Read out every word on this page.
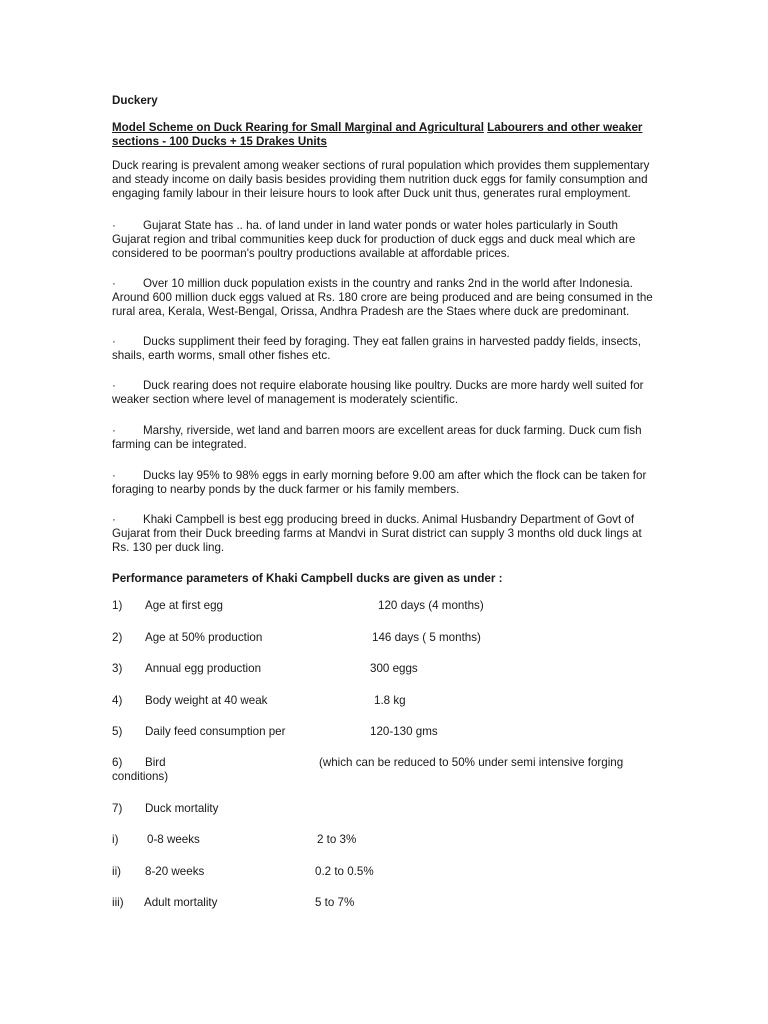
Duckery
Model Scheme on Duck Rearing for Small Marginal and Agricultural Labourers and other weaker sections - 100 Ducks + 15 Drakes Units
Duck rearing is prevalent among weaker sections of rural population which provides them supplementary and steady income on daily basis besides providing them nutrition duck eggs for family consumption and engaging family labour in their leisure hours to look after Duck unit thus, generates rural employment.
· Gujarat State has .. ha. of land under in land water ponds or water holes particularly in South Gujarat region and tribal communities keep duck for production of duck eggs and duck meal which are considered to be poorman's poultry productions available at affordable prices.
· Over 10 million duck population exists in the country and ranks 2nd in the world after Indonesia. Around 600 million duck eggs valued at Rs. 180 crore are being produced and are being consumed in the rural area, Kerala, West-Bengal, Orissa, Andhra Pradesh are the Staes where duck are predominant.
· Ducks suppliment their feed by foraging. They eat fallen grains in harvested paddy fields, insects, shails, earth worms, small other fishes etc.
· Duck rearing does not require elaborate housing like poultry. Ducks are more hardy well suited for weaker section where level of management is moderately scientific.
· Marshy, riverside, wet land and barren moors are excellent areas for duck farming. Duck cum fish farming can be integrated.
· Ducks lay 95% to 98% eggs in early morning before 9.00 am after which the flock can be taken for foraging to nearby ponds by the duck farmer or his family members.
· Khaki Campbell is best egg producing breed in ducks. Animal Husbandry Department of Govt of Gujarat from their Duck breeding farms at Mandvi in Surat district can supply 3 months old duck lings at Rs. 130 per duck ling.
Performance parameters of Khaki Campbell ducks are given as under :
1) Age at first egg	120 days (4 months)
2) Age at 50% production	146 days ( 5 months)
3) Annual egg production	300 eggs
4) Body weight at 40 weak	1.8 kg
5) Daily feed consumption per	120-130 gms
6) Bird	(which can be reduced to 50% under semi intensive forging
conditions)
7) Duck mortality
i) 0-8 weeks	2 to 3%
ii) 8-20 weeks	0.2 to 0.5%
iii) Adult mortality	5 to 7%
